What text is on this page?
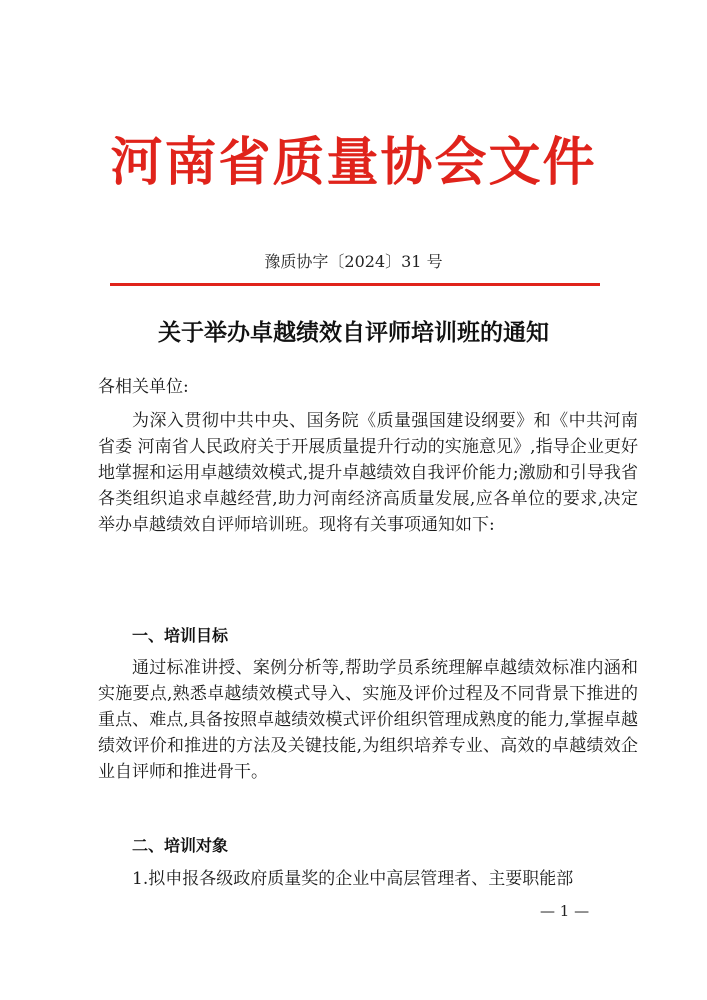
河南省质量协会文件
豫质协字〔2024〕31 号
关于举办卓越绩效自评师培训班的通知
各相关单位:
为深入贯彻中共中央、国务院《质量强国建设纲要》和《中共河南省委 河南省人民政府关于开展质量提升行动的实施意见》,指导企业更好地掌握和运用卓越绩效模式,提升卓越绩效自我评价能力;激励和引导我省各类组织追求卓越经营,助力河南经济高质量发展,应各单位的要求,决定举办卓越绩效自评师培训班。现将有关事项通知如下:
一、培训目标
通过标准讲授、案例分析等,帮助学员系统理解卓越绩效标准内涵和实施要点,熟悉卓越绩效模式导入、实施及评价过程及不同背景下推进的重点、难点,具备按照卓越绩效模式评价组织管理成熟度的能力,掌握卓越绩效评价和推进的方法及关键技能,为组织培养专业、高效的卓越绩效企业自评师和推进骨干。
二、培训对象
1.拟申报各级政府质量奖的企业中高层管理者、主要职能部
— 1 —
